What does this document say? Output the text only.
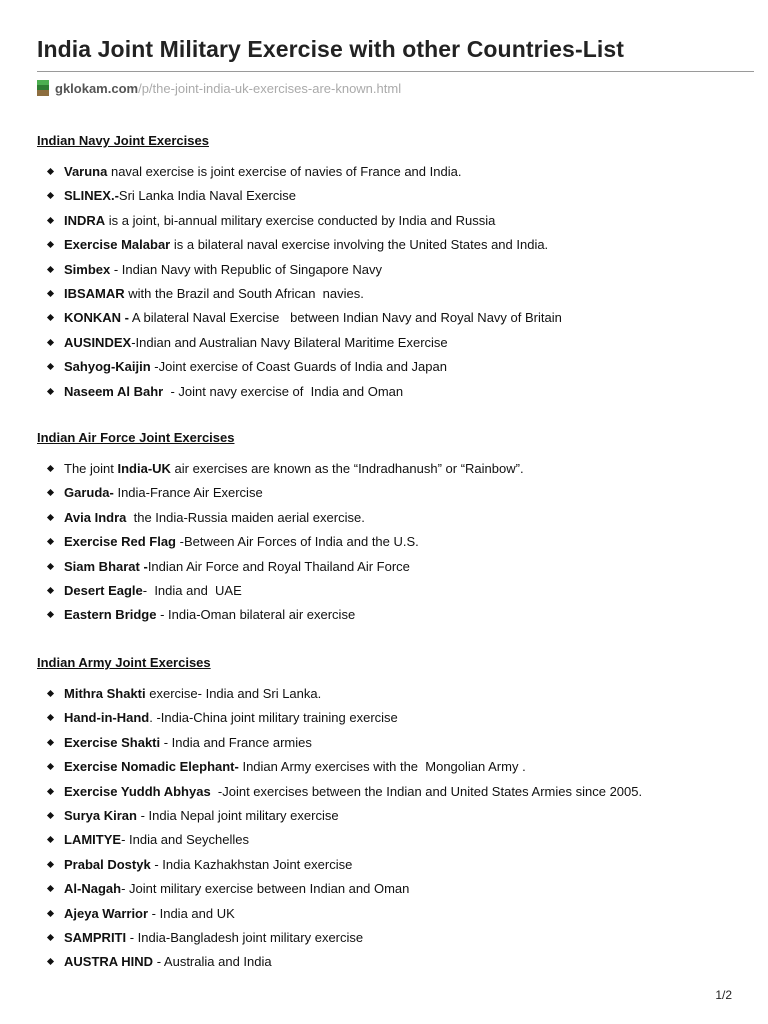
India Joint Military Exercise with other Countries-List
gklokam.com /p/the-joint-india-uk-exercises-are-known.html
Indian Navy Joint Exercises
Varuna naval exercise is joint exercise of navies of France and India.
SLINEX.-Sri Lanka India Naval Exercise
INDRA is a joint, bi-annual military exercise conducted by India and Russia
Exercise Malabar is a bilateral naval exercise involving the United States and India.
Simbex - Indian Navy with Republic of Singapore Navy
IBSAMAR with the Brazil and South African  navies.
KONKAN - A bilateral Naval Exercise   between Indian Navy and Royal Navy of Britain
AUSINDEX-Indian and Australian Navy Bilateral Maritime Exercise
Sahyog-Kaijin -Joint exercise of Coast Guards of India and Japan
Naseem Al Bahr  - Joint navy exercise of  India and Oman
Indian Air Force Joint Exercises
The joint India-UK air exercises are known as the “Indradhanush” or “Rainbow”.
Garuda- India-France Air Exercise
Avia Indra  the India-Russia maiden aerial exercise.
Exercise Red Flag -Between Air Forces of India and the U.S.
Siam Bharat -Indian Air Force and Royal Thailand Air Force
Desert Eagle-  India and  UAE
Eastern Bridge - India-Oman bilateral air exercise
Indian Army Joint Exercises
Mithra Shakti exercise- India and Sri Lanka.
Hand-in-Hand. -India-China joint military training exercise
Exercise Shakti - India and France armies
Exercise Nomadic Elephant- Indian Army exercises with the  Mongolian Army .
Exercise Yuddh Abhyas  -Joint exercises between the Indian and United States Armies since 2005.
Surya Kiran - India Nepal joint military exercise
LAMITYE- India and Seychelles
Prabal Dostyk - India Kazhakhstan Joint exercise
Al-Nagah- Joint military exercise between Indian and Oman
Ajeya Warrior - India and UK
SAMPRITI - India-Bangladesh joint military exercise
AUSTRA HIND - Australia and India
1/2
